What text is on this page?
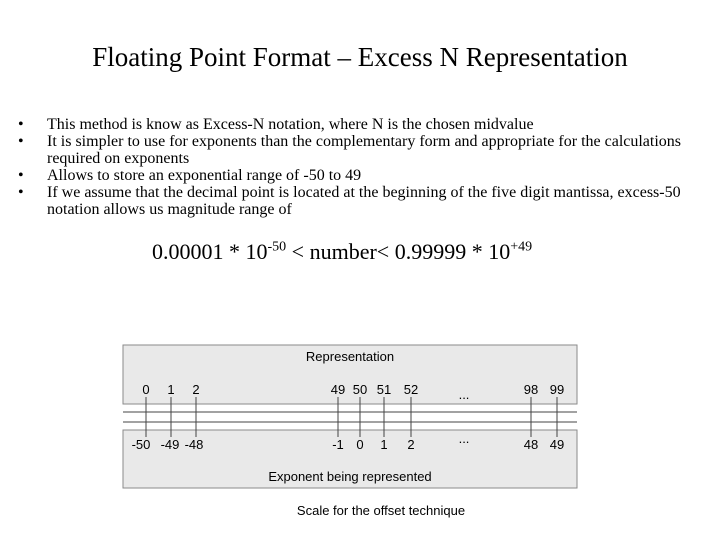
Floating Point Format – Excess N Representation
• This method is know as Excess-N notation, where N is the chosen midvalue
• It is simpler to use for exponents than the complementary form and appropriate for the calculations required on exponents
• Allows to store an exponential range of -50 to 49
• If we assume that the decimal point is located at the beginning of the five digit mantissa, excess-50 notation allows us magnitude range of
$0.00001 * 10^{-50}$ < number< $0.99999 * 10^{+49}$
Representation
Exponent being represented
0 1 2	49 50 51 52	...	98 99
-50 -49 -48	-1 0 1 2	...	48 49
Scale for the offset technique
